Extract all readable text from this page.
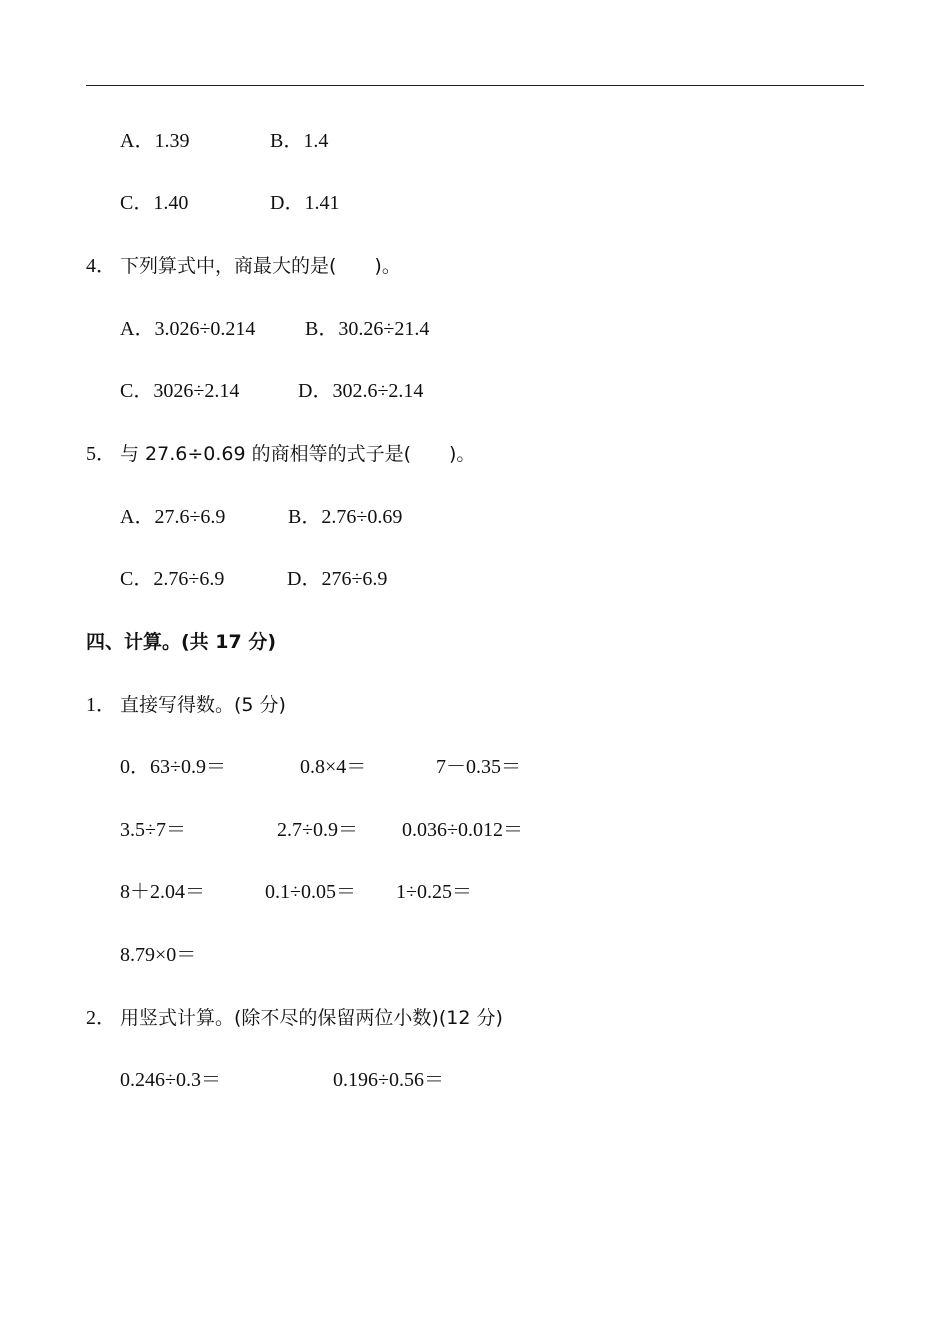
A．1.39	B．1.4
C．1.40	D．1.41
4． 下列算式中，商最大的是(　　)。
A．3.026÷0.214 B．30.26÷21.4
C．3026÷2.14	D．302.6÷2.14
5． 与 27.6÷0.69 的商相等的式子是(　　)。
A．27.6÷6.9	B．2.76÷0.69
C．2.76÷6.9	D．276÷6.9
四、计算。(共 17 分)
1． 直接写得数。(5 分)
0．63÷0.9＝	0.8×4＝	7－0.35＝
3.5÷7＝	2.7÷0.9＝ 0.036÷0.012＝
8＋2.04＝	0.1÷0.05＝ 1÷0.25＝
8.79×0＝
2． 用竖式计算。(除不尽的保留两位小数)(12 分)
0.246÷0.3＝	0.196÷0.56＝
